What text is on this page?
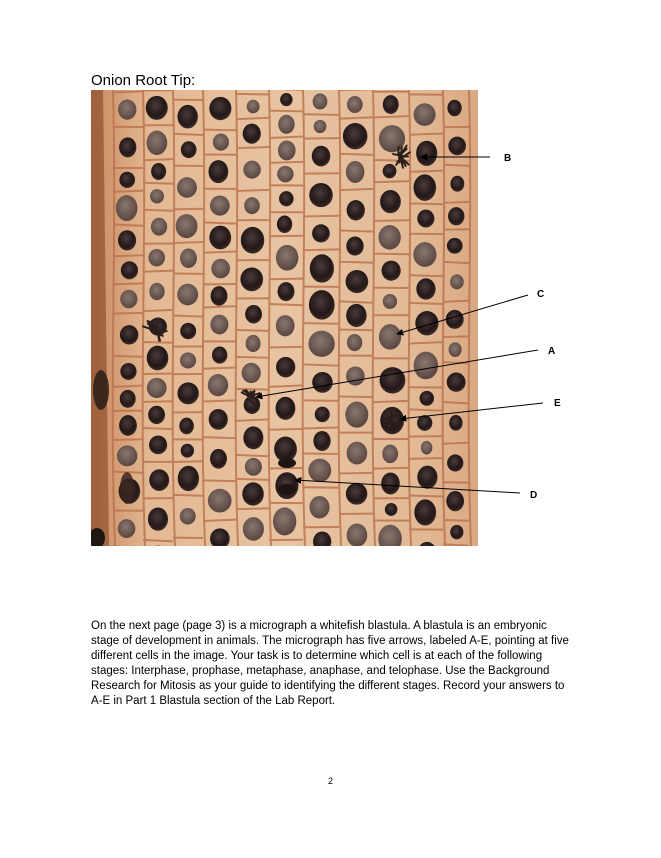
Onion Root Tip:
B
C
A
E
D

On the next page (page 3) is a micrograph a whitefish blastula. A blastula is an embryonic stage of development in animals. The micrograph has five arrows, labeled A-E, pointing at five different cells in the image. Your task is to determine which cell is at each of the following stages: Interphase, prophase, metaphase, anaphase, and telophase. Use the Background Research for Mitosis as your guide to identifying the different stages. Record your answers to A-E in Part 1 Blastula section of the Lab Report.

2
